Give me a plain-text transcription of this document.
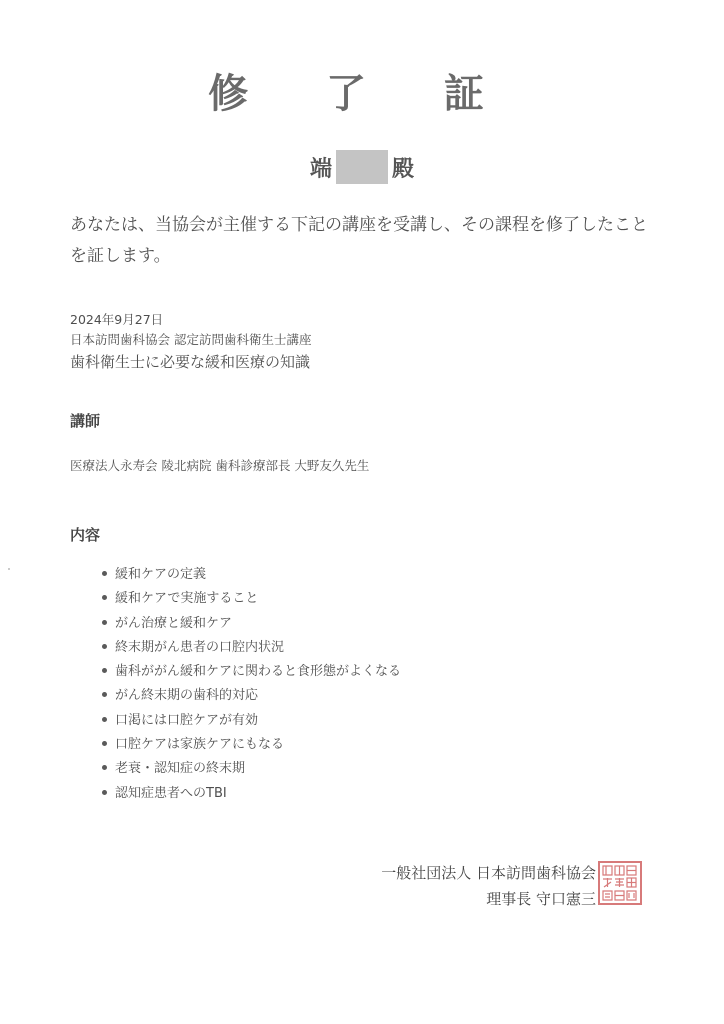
修 了 証
端	殿
あなたは、当協会が主催する下記の講座を受講し、その課程を修了したことを証します。
2024年9月27日
日本訪問歯科協会 認定訪問歯科衛生士講座
歯科衛生士に必要な緩和医療の知識
講師
医療法人永寿会 陵北病院 歯科診療部長 大野友久先生
内容
緩和ケアの定義
緩和ケアで実施すること
がん治療と緩和ケア
終末期がん患者の口腔内状況
歯科ががん緩和ケアに関わると食形態がよくなる
がん終末期の歯科的対応
口渇には口腔ケアが有効
口腔ケアは家族ケアにもなる
老衰・認知症の終末期
認知症患者へのTBI
一般社団法人 日本訪問歯科協会
理事長 守口憲三
